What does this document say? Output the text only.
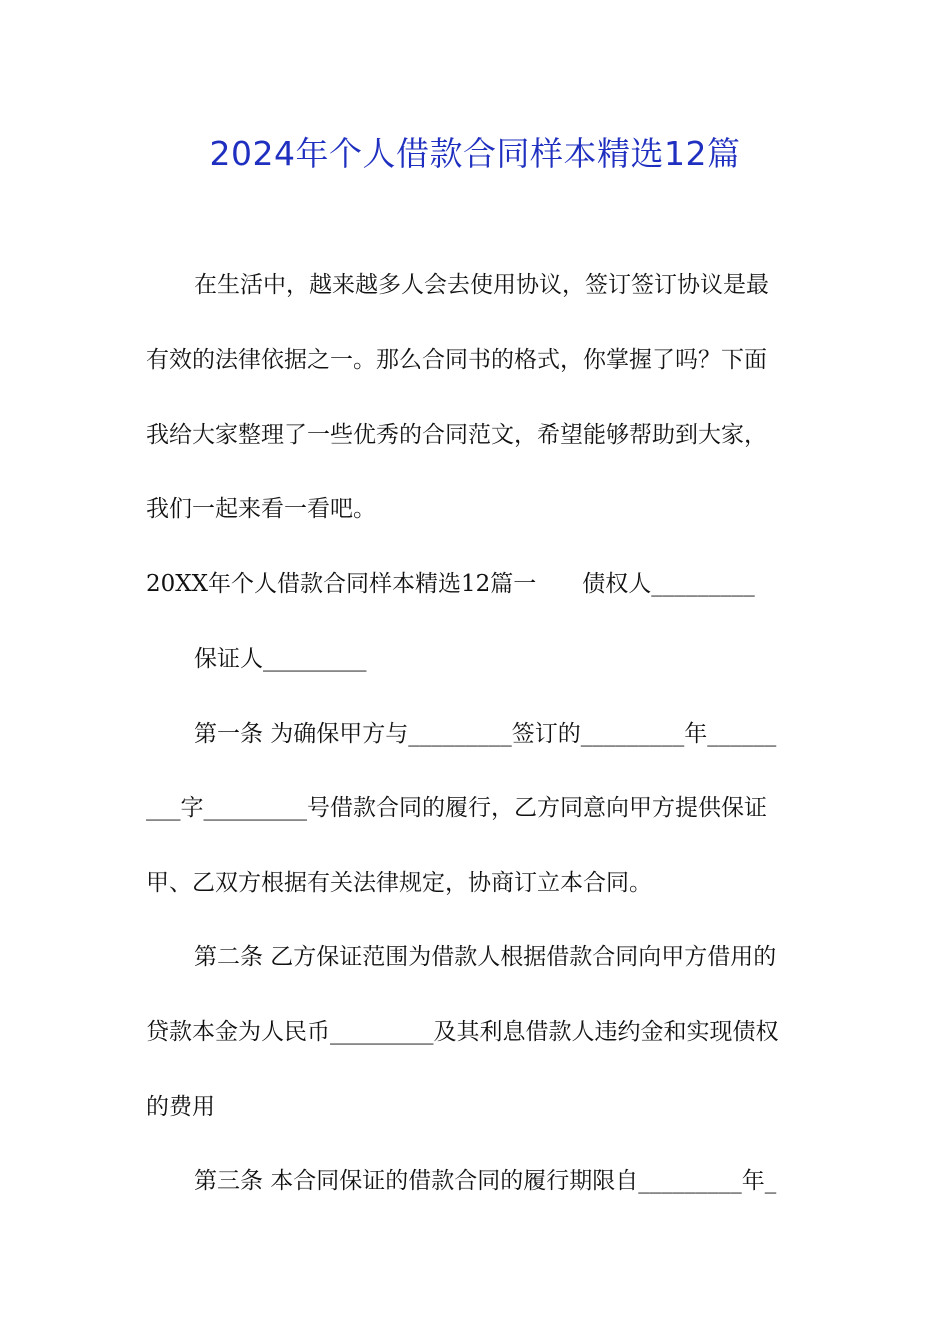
2024年个人借款合同样本精选12篇
在生活中，越来越多人会去使用协议，签订签订协议是最
有效的法律依据之一。那么合同书的格式，你掌握了吗？下面
我给大家整理了一些优秀的合同范文，希望能够帮助到大家，
我们一起来看一看吧。
20XX年个人借款合同样本精选12篇一　　债权人_________
保证人_________
第一条 为确保甲方与_________签订的_________年______
___字_________号借款合同的履行，乙方同意向甲方提供保证
甲、乙双方根据有关法律规定，协商订立本合同。
第二条 乙方保证范围为借款人根据借款合同向甲方借用的
贷款本金为人民币_________及其利息借款人违约金和实现债权
的费用
第三条 本合同保证的借款合同的履行期限自_________年_
